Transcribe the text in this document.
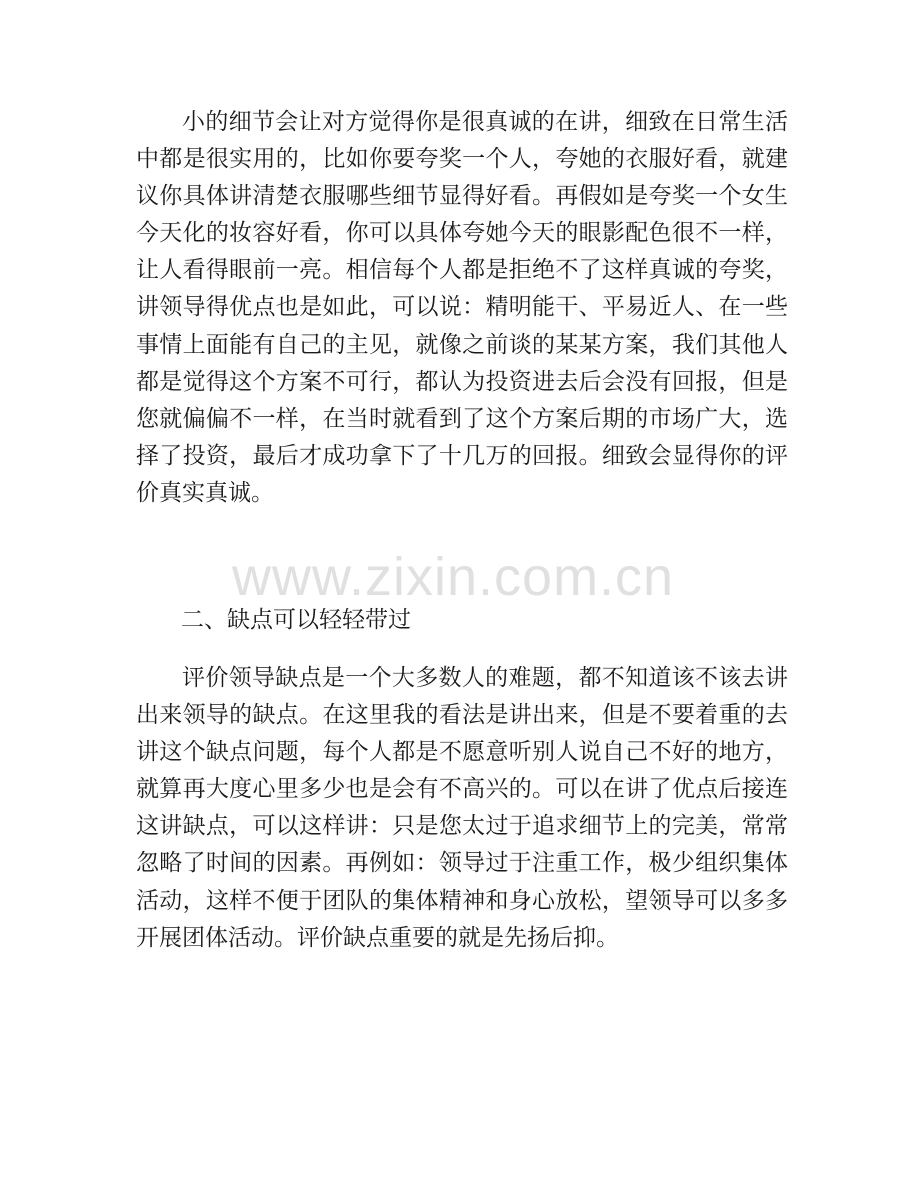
小的细节会让对方觉得你是很真诚的在讲，细致在日常生活
中都是很实用的，比如你要夸奖一个人，夸她的衣服好看，就建
议你具体讲清楚衣服哪些细节显得好看。再假如是夸奖一个女生
今天化的妆容好看，你可以具体夸她今天的眼影配色很不一样，
让人看得眼前一亮。相信每个人都是拒绝不了这样真诚的夸奖，
讲领导得优点也是如此，可以说：精明能干、平易近人、在一些
事情上面能有自己的主见，就像之前谈的某某方案，我们其他人
都是觉得这个方案不可行，都认为投资进去后会没有回报，但是
您就偏偏不一样，在当时就看到了这个方案后期的市场广大，选
择了投资，最后才成功拿下了十几万的回报。细致会显得你的评
价真实真诚。
www.zixin.com.cn
二、缺点可以轻轻带过
评价领导缺点是一个大多数人的难题，都不知道该不该去讲
出来领导的缺点。在这里我的看法是讲出来，但是不要着重的去
讲这个缺点问题，每个人都是不愿意听别人说自己不好的地方，
就算再大度心里多少也是会有不高兴的。可以在讲了优点后接连
这讲缺点，可以这样讲：只是您太过于追求细节上的完美，常常
忽略了时间的因素。再例如：领导过于注重工作，极少组织集体
活动，这样不便于团队的集体精神和身心放松，望领导可以多多
开展团体活动。评价缺点重要的就是先扬后抑。
